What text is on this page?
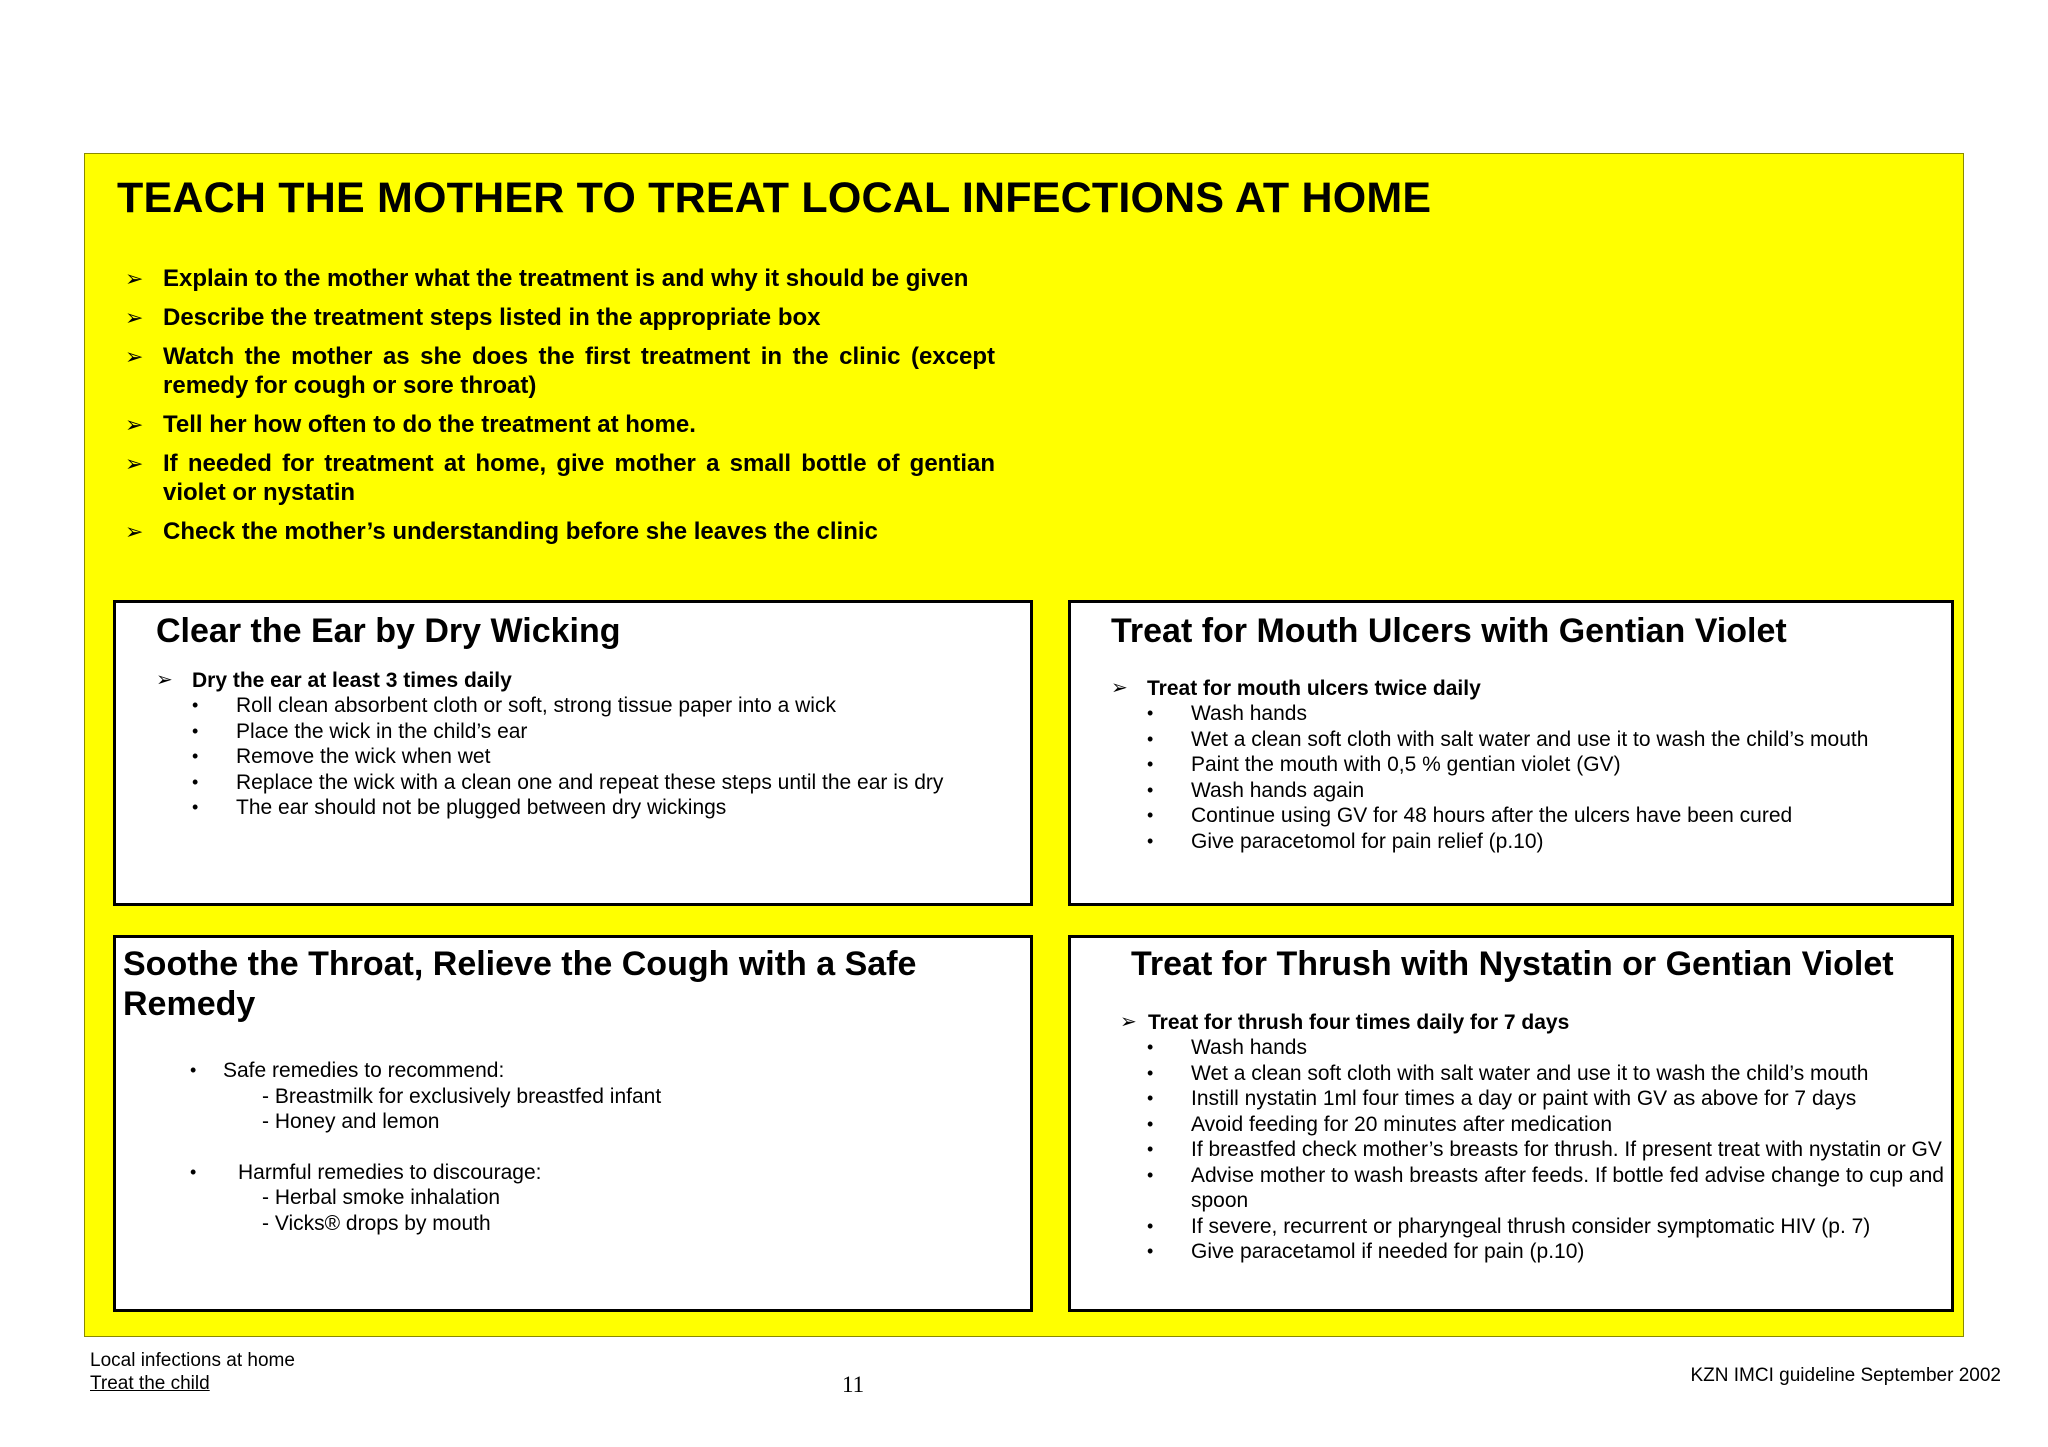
TEACH THE MOTHER TO TREAT LOCAL INFECTIONS AT HOME
➢ Explain to the mother what the treatment is and why it should be given
➢ Describe the treatment steps listed in the appropriate box
➢ Watch the mother as she does the first treatment in the clinic (except remedy for cough or sore throat)
➢ Tell her how often to do the treatment at home.
➢ If needed for treatment at home, give mother a small bottle of gentian violet or nystatin
➢ Check the mother’s understanding before she leaves the clinic
Clear the Ear by Dry Wicking
➢ Dry the ear at least 3 times daily
• Roll clean absorbent cloth or soft, strong tissue paper into a wick
• Place the wick in the child’s ear
• Remove the wick when wet
• Replace the wick with a clean one and repeat these steps until the ear is dry
• The ear should not be plugged between dry wickings
Treat for Mouth Ulcers with Gentian Violet
➢ Treat for mouth ulcers twice daily
• Wash hands
• Wet a clean soft cloth with salt water and use it to wash the child’s mouth
• Paint the mouth with 0,5 % gentian violet (GV)
• Wash hands again
• Continue using GV for 48 hours after the ulcers have been cured
• Give paracetomol for pain relief (p.10)
Soothe the Throat, Relieve the Cough with a Safe
Remedy
• Safe remedies to recommend:
- Breastmilk for exclusively breastfed infant
- Honey and lemon
• Harmful remedies to discourage:
- Herbal smoke inhalation
- Vicks® drops by mouth
Treat for Thrush with Nystatin or Gentian Violet
➢ Treat for thrush four times daily for 7 days
• Wash hands
• Wet a clean soft cloth with salt water and use it to wash the child’s mouth
• Instill nystatin 1ml four times a day or paint with GV as above for 7 days
• Avoid feeding for 20 minutes after medication
• If breastfed check mother’s breasts for thrush. If present treat with nystatin or GV
• Advise mother to wash breasts after feeds. If bottle fed advise change to cup and spoon
• If severe, recurrent or pharyngeal thrush consider symptomatic HIV (p. 7)
• Give paracetamol if needed for pain (p.10)
Local infections at home
Treat the child	11	KZN IMCI guideline September 2002
